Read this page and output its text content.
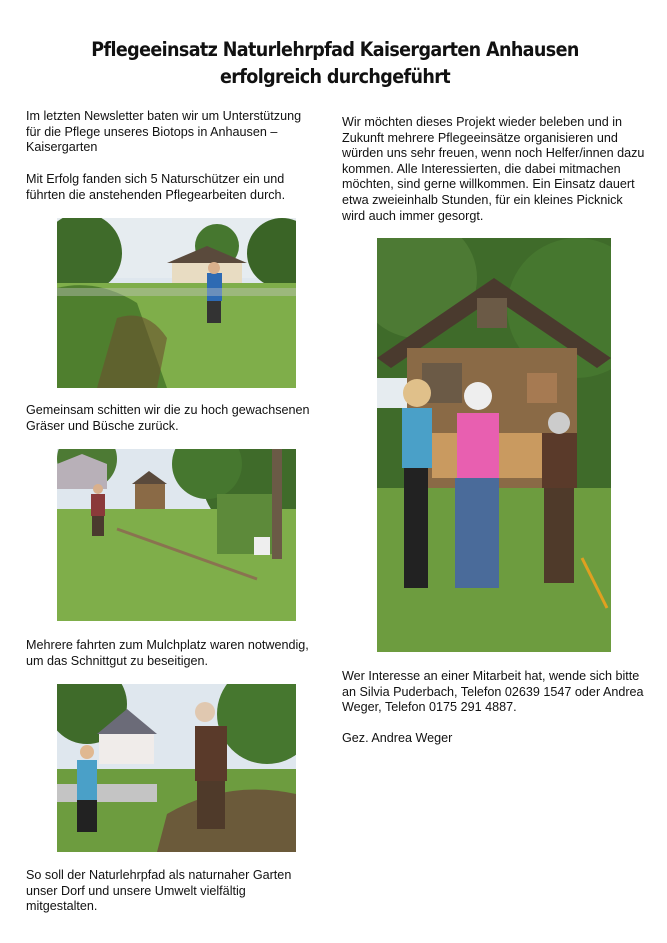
Pflegeeinsatz Naturlehrpfad Kaisergarten Anhausen erfolgreich durchgeführt
Im letzten Newsletter baten wir um Unterstützung für die Pflege unseres Biotops in Anhausen – Kaisergarten
Mit Erfolg fanden sich 5 Naturschützer ein und führten die anstehenden Pflegearbeiten durch.
Gemeinsam schitten wir die zu hoch gewachsenen Gräser und Büsche zurück.
Mehrere fahrten zum Mulchplatz waren notwendig, um das Schnittgut zu beseitigen.
So soll der Naturlehrpfad als naturnaher Garten unser Dorf und unsere Umwelt vielfältig mitgestalten.
Wir möchten dieses Projekt wieder beleben und in Zukunft mehrere Pflegeeinsätze organisieren und würden uns sehr freuen, wenn noch Helfer/innen dazu kommen. Alle Interessierten, die dabei mitmachen möchten, sind gerne willkommen. Ein Einsatz dauert etwa zweieinhalb Stunden, für ein kleines Picknick wird auch immer gesorgt.
Wer Interesse an einer Mitarbeit hat, wende sich bitte an Silvia Puderbach, Telefon 02639 1547 oder Andrea Weger, Telefon 0175 291 4887.
Gez. Andrea Weger
